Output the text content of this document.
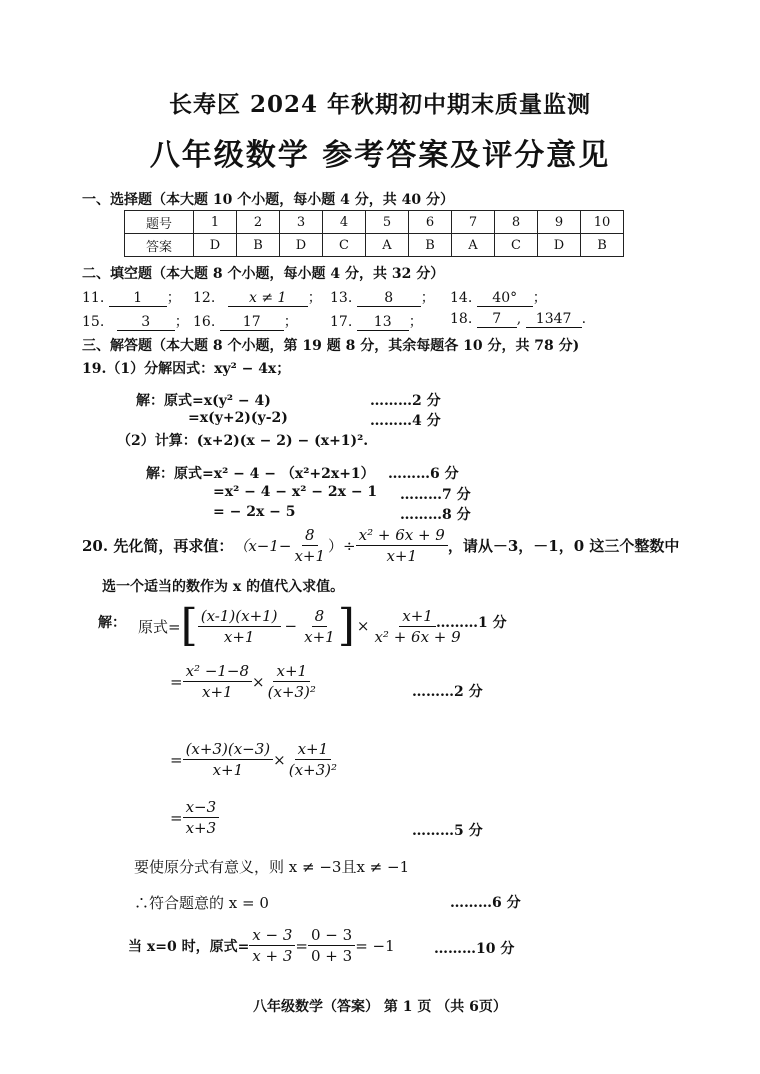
长寿区 2024 年秋期初中期末质量监测
八年级数学 参考答案及评分意见
一、选择题（本大题 10 个小题，每小题 4 分，共 40 分）
题号	1	2	3	4	5	6	7	8	9	10
答案	D	B	D	C	A	B	A	C	D	B
二、填空题（本大题 8 个小题，每小题 4 分，共 32 分）
11. 1 ； 12. x ≠ 1 ； 13. 8 ； 14. 40° ；
15.	3 ； 16. 17 ； 17. 13 ； 18. 7 , 1347 .
三、解答题（本大题 8 个小题，第 19 题 8 分，其余每题各 10 分，共 78 分)
19.（1）分解因式：xy² − 4x；
解：原式=x(y² − 4)	………2 分
=x(y+2)(y-2)	………4 分
（2）计算：(x+2)(x − 2) − (x+1)².
解：原式=x² − 4 − （x²+2x+1） ………6 分
=x² − 4 − x² − 2x − 1 ………7 分
= − 2x − 5	………8 分
20. 先化简，再求值： （$x-1- \frac{8}{x+1}$ ）÷ $\frac{\text{x² + 6x + 9}}{x+1}$ ，请从－3，－1，0 这三个整数中
选一个适当的数作为 x 的值代入求值。
解： 原式= [ $\frac{(x-1)(x+1)}{x+1} - \frac{8}{x+1}$ ] × $\frac{x+1}{\text{x² + 6x + 9}}$
………1 分
= $\frac{\text{x² −1−8}}{x+1} \times \frac{x+1}{\text{(x+3)²}}$	………2 分
= $\frac{(x+3)(x-3)}{x+1} \times \frac{x+1}{\text{(x+3)²}}$
= $\frac{x-3}{x+3}$	………5 分
要使原分式有意义，则 x ≠ −3且x ≠ −1
∴符合题意的 x = 0	………6 分
当 x=0 时，原式= $\frac{x - 3}{x + 3} = \frac{0 - 3}{0 + 3} = -1$	………10 分
八年级数学（答案） 第 1 页 （共 6页）
